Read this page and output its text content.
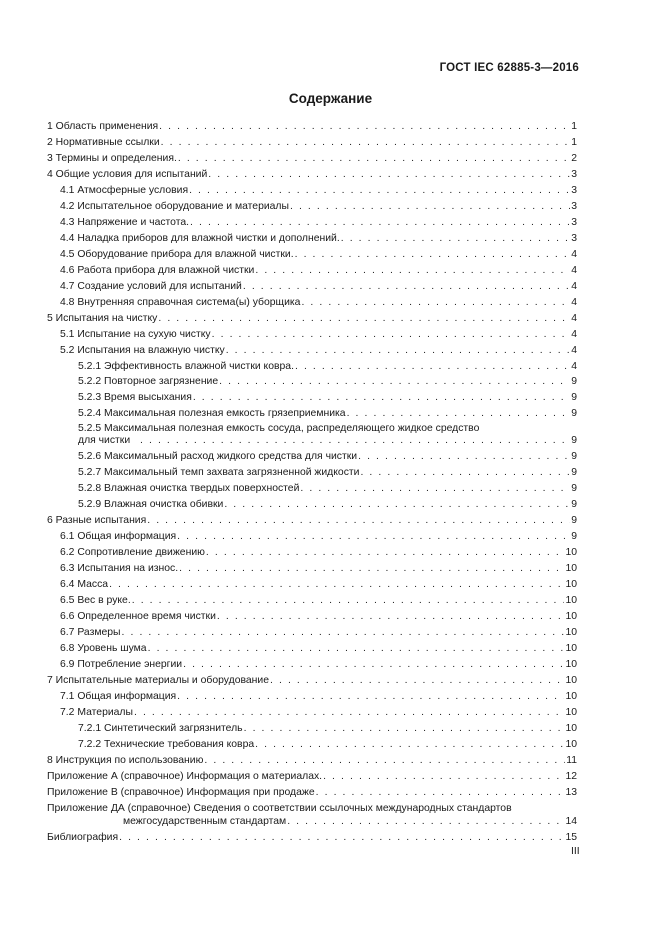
ГОСТ IEC 62885-3—2016
Содержание
1 Область применения . . .	1
2 Нормативные ссылки . . .	1
3 Термины и определения. . . .	2
4 Общие условия для испытаний . . .	3
4.1 Атмосферные условия . . .	3
4.2 Испытательное оборудование и материалы . . .	3
4.3 Напряжение и частота. . . .	3
4.4 Наладка приборов для влажной чистки и дополнений. . . .	3
4.5 Оборудование прибора для влажной чистки. . . .	4
4.6 Работа прибора для влажной чистки . . .	4
4.7 Создание условий для испытаний . . .	4
4.8 Внутренняя справочная система(ы) уборщика . . .	4
5 Испытания на чистку . . .	4
5.1 Испытание на сухую чистку . . .	4
5.2 Испытания на влажную чистку . . .	4
5.2.1 Эффективность влажной чистки ковра. . . .	4
5.2.2 Повторное загрязнение . . .	9
5.2.3 Время высыхания . . .	9
5.2.4 Максимальная полезная емкость грязеприемника . . .	9
5.2.5 Максимальная полезная емкость сосуда, распределяющего жидкое средство
для чистки . . .	9
5.2.6 Максимальный расход жидкого средства для чистки . . .	9
5.2.7 Максимальный темп захвата загрязненной жидкости . . .	9
5.2.8 Влажная очистка твердых поверхностей . . .	9
5.2.9 Влажная очистка обивки . . .	9
6 Разные испытания . . .	9
6.1 Общая информация . . .	9
6.2 Сопротивление движению . . .	10
6.3 Испытания на износ. . . .	10
6.4 Масса . . .	10
6.5 Вес в руке. . . .	10
6.6 Определенное время чистки . . .	10
6.7 Размеры . . .	10
6.8 Уровень шума . . .	10
6.9 Потребление энергии . . .	10
7 Испытательные материалы и оборудование . . .	10
7.1 Общая информация . . .	10
7.2 Материалы . . .	10
7.2.1 Синтетический загрязнитель . . .	10
7.2.2 Технические требования ковра . . .	10
8 Инструкция по использованию . . .	11
Приложение А (справочное) Информация о материалах. . . .	12
Приложение В (справочное) Информация при продаже . . .	13
Приложение ДА (справочное) Сведения о соответствии ссылочных международных стандартов
межгосударственным стандартам . . .	14
Библиография . . .	15
III
